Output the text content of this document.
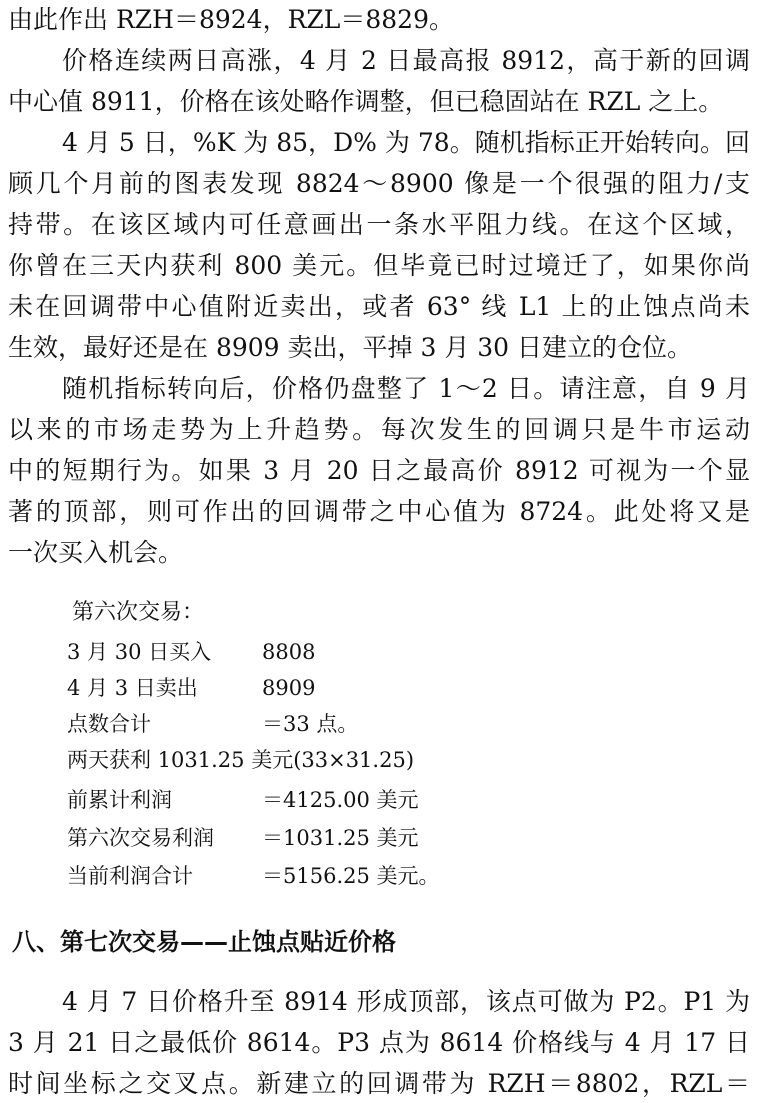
由此作出 RZH＝8924，RZL＝8829。
价格连续两日高涨，4 月 2 日最高报 8912，高于新的回调
中心值 8911，价格在该处略作调整，但已稳固站在 RZL 之上。
4 月 5 日，%K 为 85，D% 为 78。随机指标正开始转向。回
顾几个月前的图表发现 8824～8900 像是一个很强的阻力/支
持带。在该区域内可任意画出一条水平阻力线。在这个区域，
你曾在三天内获利 800 美元。但毕竟已时过境迁了，如果你尚
未在回调带中心值附近卖出，或者 63° 线 L1 上的止蚀点尚未
生效，最好还是在 8909 卖出，平掉 3 月 30 日建立的仓位。
随机指标转向后，价格仍盘整了 1～2 日。请注意，自 9 月
以来的市场走势为上升趋势。每次发生的回调只是牛市运动
中的短期行为。如果 3 月 20 日之最高价 8912 可视为一个显
著的顶部，则可作出的回调带之中心值为 8724。此处将又是
一次买入机会。
第六次交易：
3 月 30 日买入 8808
4 月 3 日卖出	8909
点数合计	＝33 点。
两天获利 1031.25 美元(33×31.25)
前累计利润	＝4125.00 美元
第六次交易利润 ＝1031.25 美元
当前利润合计	＝5156.25 美元。
八、第七次交易——止蚀点贴近价格
4 月 7 日价格升至 8914 形成顶部，该点可做为 P2。P1 为
3 月 21 日之最低价 8614。P3 点为 8614 价格线与 4 月 17 日
时间坐标之交叉点。新建立的回调带为 RZH＝8802，RZL＝
